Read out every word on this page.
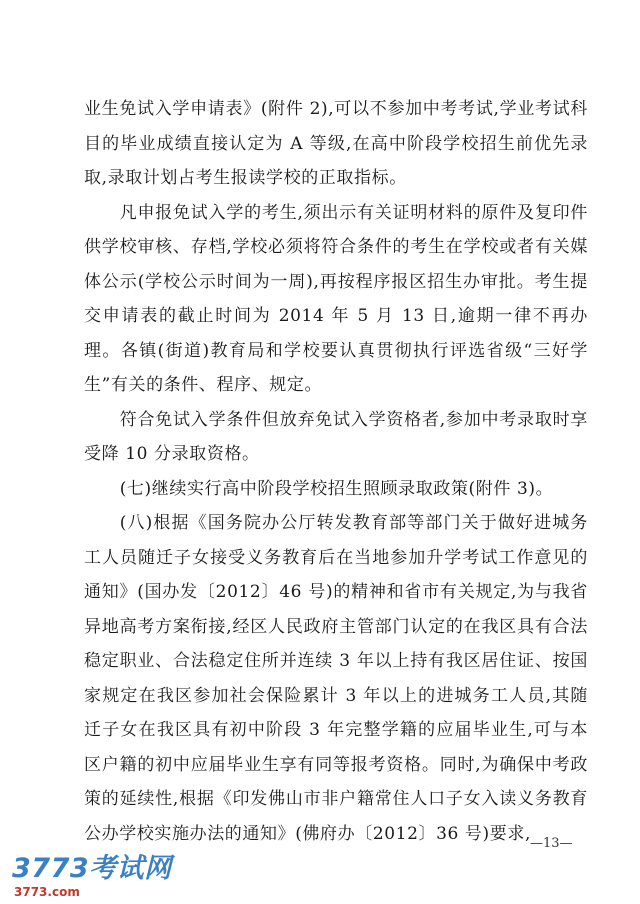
业生免试入学申请表》(附件 2),可以不参加中考考试,学业考试科目的毕业成绩直接认定为 A 等级,在高中阶段学校招生前优先录取,录取计划占考生报读学校的正取指标。

凡申报免试入学的考生,须出示有关证明材料的原件及复印件供学校审核、存档,学校必须将符合条件的考生在学校或者有关媒体公示(学校公示时间为一周),再按程序报区招生办审批。考生提交申请表的截止时间为 2014 年 5 月 13 日,逾期一律不再办理。各镇(街道)教育局和学校要认真贯彻执行评选省级“三好学生”有关的条件、程序、规定。

符合免试入学条件但放弃免试入学资格者,参加中考录取时享受降 10 分录取资格。

(七)继续实行高中阶段学校招生照顾录取政策(附件 3)。

(八)根据《国务院办公厅转发教育部等部门关于做好进城务工人员随迁子女接受义务教育后在当地参加升学考试工作意见的通知》(国办发〔2012〕46 号)的精神和省市有关规定,为与我省异地高考方案衔接,经区人民政府主管部门认定的在我区具有合法稳定职业、合法稳定住所并连续 3 年以上持有我区居住证、按国家规定在我区参加社会保险累计 3 年以上的进城务工人员,其随迁子女在我区具有初中阶段 3 年完整学籍的应届毕业生,可与本区户籍的初中应届毕业生享有同等报考资格。同时,为确保中考政策的延续性,根据《印发佛山市非户籍常住人口子女入读义务教育公办学校实施办法的通知》(佛府办〔2012〕36 号)要求, —13—
3773考试网
3773.com
